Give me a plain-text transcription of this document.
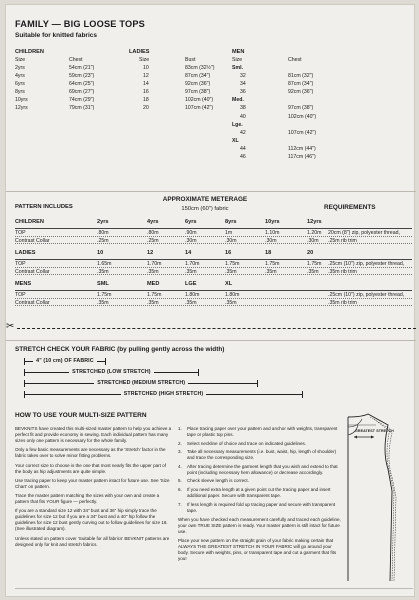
FAMILY — BIG LOOSE TOPS
Suitable for knitted fabrics
CHILDREN
Size	Chest
2yrs	54cm (21")
4yrs	59cm (23")
6yrs	64cm (25")
8yrs	69cm (27")
10yrs	74cm (29")
12yrs	79cm (31")
LADIES
Size	Bust
10	83cm (32½")
12	87cm (34")
14	92cm (36")
16	97cm (38")
18	102cm (40")
20	107cm (42")
MEN
Size	Chest
Sml.	
32	81cm (32")
34	87cm (34")
36	92cm (36")
Med.	
38	97cm (38")
40	102cm (40")
Lge.	
42	107cm (42")
XL	
44	112cm (44")
46	117cm (46")
PATTERN INCLUDES
APPROXIMATE METERAGE
150cm (60") fabric	REQUIREMENTS
CHILDREN	2yrs	4yrs	6yrs	8yrs	10yrs	12yrs
TOP	.80m	.80m	.90m	1m	1.10m	1.20m 20cm (8") zip, polyester thread,
Contrast Collar	.25m	.25m	.30m	.30m	.30m	.30m .25m rib trim
LADIES	10	12	14	16	18	20
TOP	1.65m	1.70m	1.70m	1.75m	1.75m	1.75m .25cm (10") zip, polyester thread,
Contrast Collar	.35m	.35m	.35m	.35m	.35m	.35m .35m rib trim
MENS	SML	MED	LGE	XL
TOP	1.75m	1.75m	1.80m	1.80m	.25cm (10") zip, polyester thread,
Contrast Collar	.35m	.35m	.35m	.35m	.35m rib trim
✂
STRETCH CHECK YOUR FABRIC (by pulling gently across the width)
4" (10 cm) OF FABRIC
STRETCHED (LOW STRETCH)
STRETCHED (MEDIUM STRETCH)
STRETCHED (HIGH STRETCH)
HOW TO USE YOUR MULTI-SIZE PATTERN

BEVKNITS have created this multi-sized master pattern to help you achieve a perfect fit and provide economy in sewing. Each individual pattern has many sizes only one pattern is necessary for the whole family.

Only a few basic measurements are necessary as the 'Stretch' factor in the fabric takes over to solve minor fitting problems.

Your correct size to choose is the one that most nearly fits the upper part of the body as hip adjustments are quite simple.

Use tracing paper to keep your master pattern intact for future use. See 'Size Chart' on pattern.

Trace the master pattern matching the sizes with your own and create a pattern that fits YOUR figure — perfectly.

If you are a standard size 12 with 34" bust and 36" hip simply trace the guidelines for size 12 but if you are a 34" bust and a 40" hip follow the guidelines for size 12 bust gently curving out to follow guidelines for size 18. (See illustrated diagram).

Unless stated on pattern cover 'Suitable for all fabrics' BEVKNIT patterns are designed only for knit and stretch fabrics.

1.	Place tracing paper over your pattern and anchor with weights, transparent tape or plastic top pins.
2.	Select neckline of choice and trace on indicated guidelines.
3.	Take all necessary measurements (i.e. bust, waist, hip, length of shoulder) and trace the corresponding size.
4.	After tracing determine the garment length that you wish and extend to that point (including necessary hem allowance) or decrease accordingly.
5.	Check sleeve length is correct.
6.	If you need extra length at a given point cut the tracing paper and insert additional paper. Secure with transparent tape.
7.	If less length is required fold up tracing paper and secure with transparent tape.

When you have checked each measurement carefully and traced each guideline, your own TRUE SIZE pattern is ready. Your master pattern is still intact for future use.

Place your new pattern on the straight grain of your fabric making certain that ALWAYS THE GREATEST STRETCH IN YOUR FABRIC will go around your body. Secure with weights, pins, or transparent tape and cut a garment that fits you!

GREATEST STRETCH
